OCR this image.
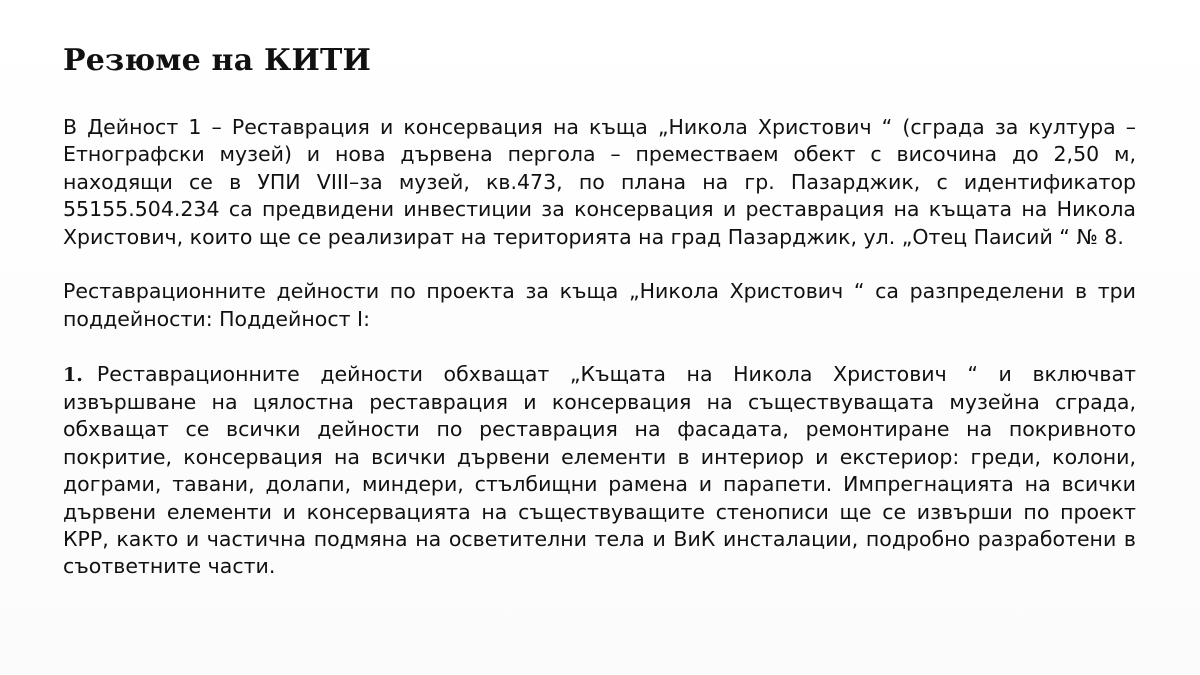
Резюме на КИТИ

В Дейност 1 – Реставрация и консервация на къща „Никола Христович “ (сграда за култура – Етнографски музей) и нова дървена пергола – преместваем обект с височина до 2,50 м, находящи се в УПИ VIII–за музей, кв.473, по плана на гр. Пазарджик, с идентификатор 55155.504.234 са предвидени инвестиции за консервация и реставрация на къщата на Никола Христович, които ще се реализират на територията на град Пазарджик, ул. „Отец Паисий “ № 8.

Реставрационните дейности по проекта за къща „Никола Христович “ са разпределени в три поддейности: Поддейност І:

1. Реставрационните дейности обхващат „Къщата на Никола Христович “ и включват извършване на цялостна реставрация и консервация на съществуващата музейна сграда, обхващат се всички дейности по реставрация на фасадата, ремонтиране на покривното покритие, консервация на всички дървени елементи в интериор и екстериор: греди, колони, дограми, тавани, долапи, миндери, стълбищни рамена и парапети. Импрегнацията на всички дървени елементи и консервацията на съществуващите стенописи ще се извърши по проект КРР, както и частична подмяна на осветителни тела и ВиК инсталации, подробно разработени в съответните части.
